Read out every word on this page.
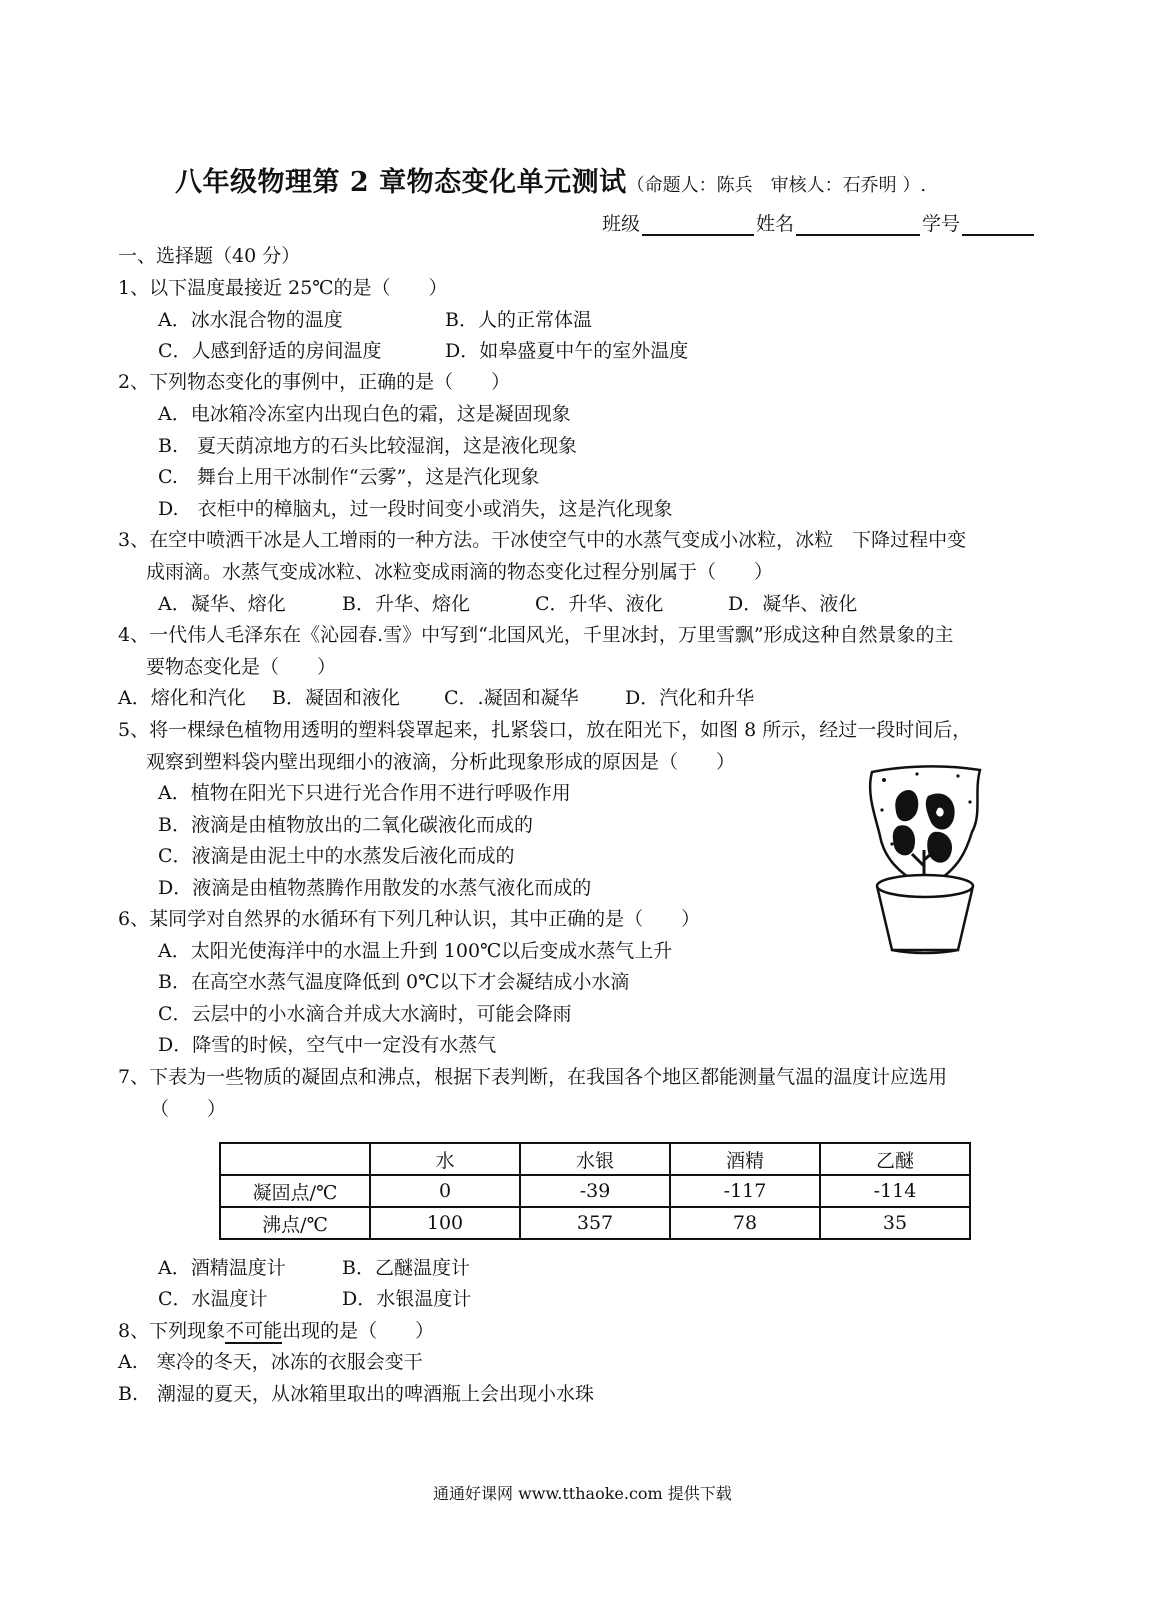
八年级物理第 2 章物态变化单元测试（命题人：陈兵　审核人：石乔明 ）.
班级	姓名	学号
一、选择题（40 分）
1、以下温度最接近 25℃的是（　　）
A．冰水混合物的温度	B．人的正常体温
C．人感到舒适的房间温度	D．如皋盛夏中午的室外温度
2、下列物态变化的事例中，正确的是（　　）
A．电冰箱冷冻室内出现白色的霜，这是凝固现象
B.　夏天荫凉地方的石头比较湿润，这是液化现象
C.　舞台上用干冰制作“云雾”，这是汽化现象
D.　衣柜中的樟脑丸，过一段时间变小或消失，这是汽化现象
3、在空中喷洒干冰是人工增雨的一种方法。干冰使空气中的水蒸气变成小冰粒，冰粒　下降过程中变
成雨滴。水蒸气变成冰粒、冰粒变成雨滴的物态变化过程分别属于（　　）
A．凝华、熔化	B．升华、熔化	C．升华、液化	D．凝华、液化
4、一代伟人毛泽东在《沁园春.雪》中写到“北国风光，千里冰封，万里雪飘”形成这种自然景象的主
要物态变化是（　　）
A．熔化和汽化 B．凝固和液化 C．.凝固和凝华 D．汽化和升华
5、将一棵绿色植物用透明的塑料袋罩起来，扎紧袋口，放在阳光下，如图 8 所示，经过一段时间后，
观察到塑料袋内壁出现细小的液滴，分析此现象形成的原因是（　　）
A．植物在阳光下只进行光合作用不进行呼吸作用
B．液滴是由植物放出的二氧化碳液化而成的
C．液滴是由泥土中的水蒸发后液化而成的
D．液滴是由植物蒸腾作用散发的水蒸气液化而成的
6、某同学对自然界的水循环有下列几种认识，其中正确的是（　　）
A．太阳光使海洋中的水温上升到 100℃以后变成水蒸气上升
B．在高空水蒸气温度降低到 0℃以下才会凝结成小水滴
C．云层中的小水滴合并成大水滴时，可能会降雨
D．降雪的时候，空气中一定没有水蒸气
7、下表为一些物质的凝固点和沸点，根据下表判断，在我国各个地区都能测量气温的温度计应选用
（　　）
	水	水银	酒精	乙醚
凝固点/℃	0	-39	-117	-114
沸点/℃	100	357	78	35
A．酒精温度计	B．乙醚温度计
C．水温度计	D．水银温度计
8、下列现象不可能出现的是（　　）
A.　寒冷的冬天，冰冻的衣服会变干
B.　潮湿的夏天，从冰箱里取出的啤酒瓶上会出现小水珠
通通好课网 www.tthaoke.com 提供下载
